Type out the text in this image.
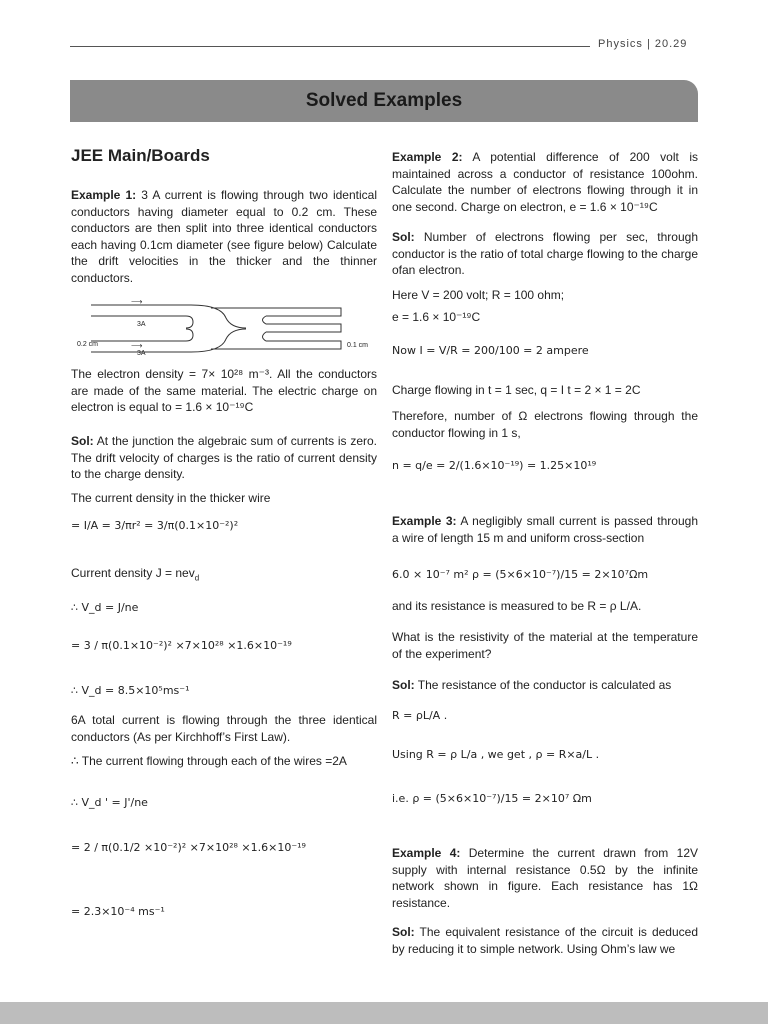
Physics | 20.29
Solved Examples
JEE Main/Boards
Example 1: 3 A current is flowing through two identical conductors having diameter equal to 0.2 cm. These conductors are then split into three identical conductors each having 0.1cm diameter (see figure below) Calculate the drift velocities in the thicker and the thinner conductors.
⟶
⟶
3A
3A
0.2 cm	0.1 cm
The electron density = 7× 10²⁸ m⁻³. All the conductors are made of the same material. The electric charge on electron is equal to = 1.6 × 10⁻¹⁹C
Sol: At the junction the algebraic sum of currents is zero. The drift velocity of charges is the ratio of current density to the charge density.
The current density in the thicker wire
= I/A = 3/πr² = 3/π(0.1×10⁻²)²
Current density J = nev$_d$
∴ V_d = J/ne
= 3 / π(0.1×10⁻²)² ×7×10²⁸ ×1.6×10⁻¹⁹
∴ V_d = 8.5×10⁵ms⁻¹
6A total current is flowing through the three identical conductors (As per Kirchhoff’s First Law).
∴ The current flowing through each of the wires =2A
∴ V_d ' = J'/ne
= 2 / π(0.1/2 ×10⁻²)² ×7×10²⁸ ×1.6×10⁻¹⁹
= 2.3×10⁻⁴ ms⁻¹
Example 2: A potential difference of 200 volt is maintained across a conductor of resistance 100ohm. Calculate the number of electrons flowing through it in one second. Charge on electron, e = 1.6 × 10⁻¹⁹C
Sol: Number of electrons flowing per sec, through conductor is the ratio of total charge flowing to the charge ofan electron.
Here V = 200 volt; R = 100 ohm;
e = 1.6 × 10⁻¹⁹C
Now I = V/R = 200/100 = 2 ampere
Charge flowing in t = 1 sec, q = I t = 2 × 1 = 2C
Therefore, number of Ω electrons flowing through the conductor flowing in 1 s,
n = q/e = 2/(1.6×10⁻¹⁹) = 1.25×10¹⁹
Example 3: A negligibly small current is passed through a wire of length 15 m and uniform cross-section
6.0 × 10⁻⁷ m² ρ = (5×6×10⁻⁷)/15 = 2×10⁷Ωm
and its resistance is measured to be R = ρ L/A.
What is the resistivity of the material at the temperature of the experiment?
Sol: The resistance of the conductor is calculated as
R = ρL/A .
Using R = ρ L/a , we get , ρ = R×a/L .
i.e. ρ = (5×6×10⁻⁷)/15 = 2×10⁷ Ωm
Example 4: Determine the current drawn from 12V supply with internal resistance 0.5Ω by the infinite network shown in figure. Each resistance has 1Ω resistance.
Sol: The equivalent resistance of the circuit is deduced by reducing it to simple network. Using Ohm’s law we
